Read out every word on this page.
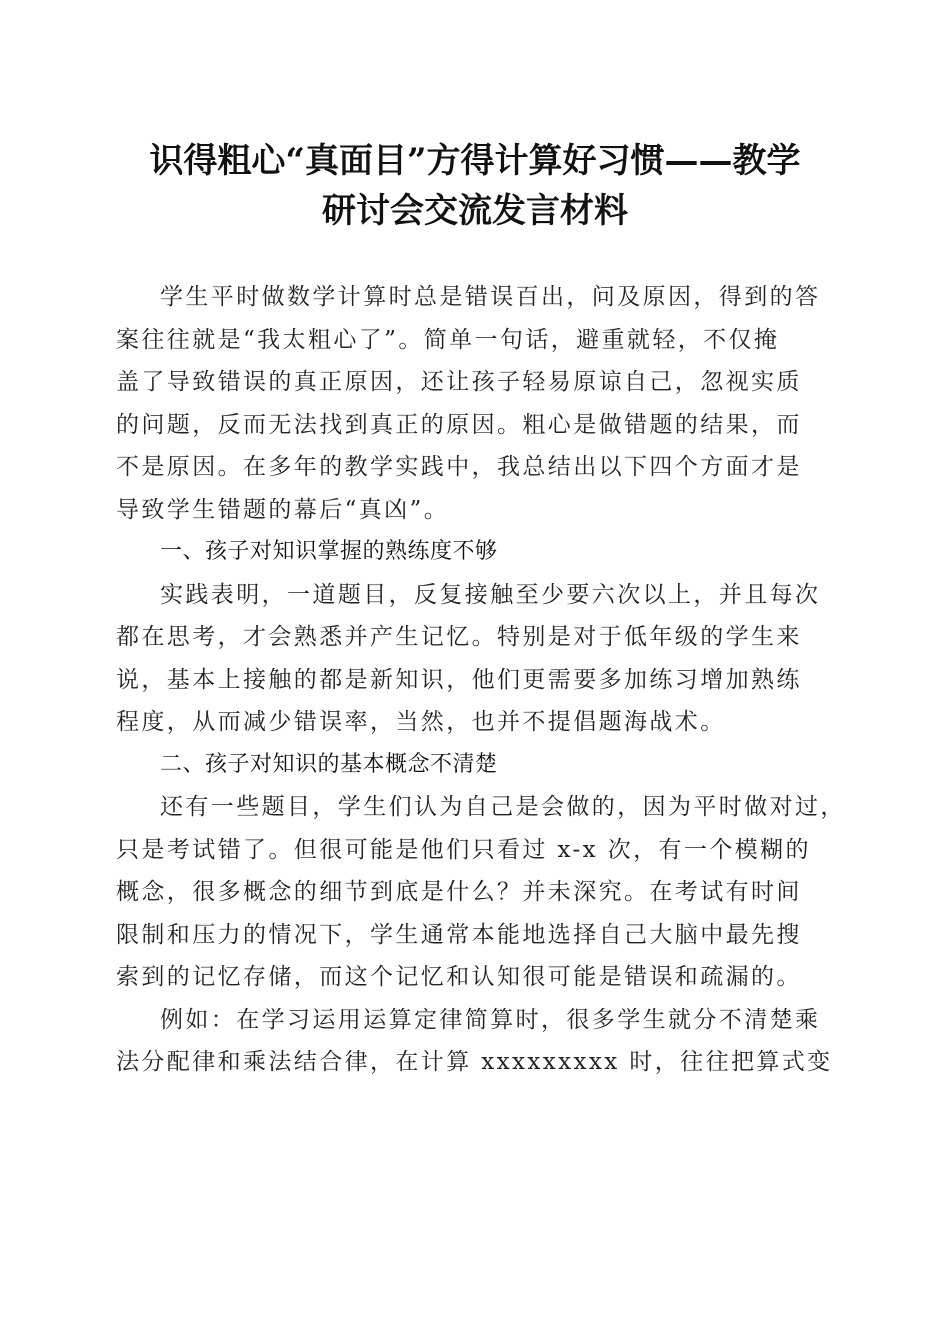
识得粗心“真面目”方得计算好习惯——教学
研讨会交流发言材料
学生平时做数学计算时总是错误百出，问及原因，得到的答
案往往就是“我太粗心了”。简单一句话，避重就轻，不仅掩
盖了导致错误的真正原因，还让孩子轻易原谅自己，忽视实质
的问题，反而无法找到真正的原因。粗心是做错题的结果，而
不是原因。在多年的教学实践中，我总结出以下四个方面才是
导致学生错题的幕后“真凶”。
一、孩子对知识掌握的熟练度不够
实践表明，一道题目，反复接触至少要六次以上，并且每次
都在思考，才会熟悉并产生记忆。特别是对于低年级的学生来
说，基本上接触的都是新知识，他们更需要多加练习增加熟练
程度，从而减少错误率，当然，也并不提倡题海战术。
二、孩子对知识的基本概念不清楚
还有一些题目，学生们认为自己是会做的，因为平时做对过，
只是考试错了。但很可能是他们只看过 x-x 次，有一个模糊的
概念，很多概念的细节到底是什么？并未深究。在考试有时间
限制和压力的情况下，学生通常本能地选择自己大脑中最先搜
索到的记忆存储，而这个记忆和认知很可能是错误和疏漏的。
例如：在学习运用运算定律简算时，很多学生就分不清楚乘
法分配律和乘法结合律，在计算 xxxxxxxxx 时，往往把算式变
